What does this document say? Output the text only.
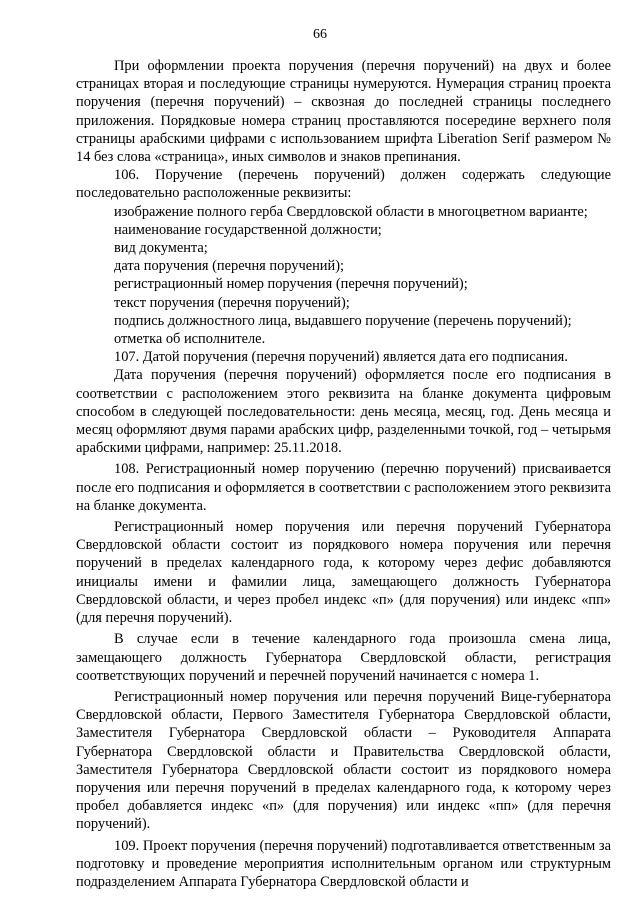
66

При оформлении проекта поручения (перечня поручений) на двух и более страницах вторая и последующие страницы нумеруются. Нумерация страниц проекта поручения (перечня поручений) – сквозная до последней страницы последнего приложения. Порядковые номера страниц проставляются посередине верхнего поля страницы арабскими цифрами с использованием шрифта Liberation Serif размером № 14 без слова «страница», иных символов и знаков препинания.

106. Поручение (перечень поручений) должен содержать следующие последовательно расположенные реквизиты:

изображение полного герба Свердловской области в многоцветном варианте;

наименование государственной должности;

вид документа;

дата поручения (перечня поручений);

регистрационный номер поручения (перечня поручений);

текст поручения (перечня поручений);

подпись должностного лица, выдавшего поручение (перечень поручений);

отметка об исполнителе.

107. Датой поручения (перечня поручений) является дата его подписания.

Дата поручения (перечня поручений) оформляется после его подписания в соответствии с расположением этого реквизита на бланке документа цифровым способом в следующей последовательности: день месяца, месяц, год. День месяца и месяц оформляют двумя парами арабских цифр, разделенными точкой, год – четырьмя арабскими цифрами, например: 25.11.2018.

108. Регистрационный номер поручению (перечню поручений) присваивается после его подписания и оформляется в соответствии с расположением этого реквизита на бланке документа.

Регистрационный номер поручения или перечня поручений Губернатора Свердловской области состоит из порядкового номера поручения или перечня поручений в пределах календарного года, к которому через дефис добавляются инициалы имени и фамилии лица, замещающего должность Губернатора Свердловской области, и через пробел индекс «п» (для поручения) или индекс «пп» (для перечня поручений).

В случае если в течение календарного года произошла смена лица, замещающего должность Губернатора Свердловской области, регистрация соответствующих поручений и перечней поручений начинается с номера 1.

Регистрационный номер поручения или перечня поручений Вице-губернатора Свердловской области, Первого Заместителя Губернатора Свердловской области, Заместителя Губернатора Свердловской области – Руководителя Аппарата Губернатора Свердловской области и Правительства Свердловской области, Заместителя Губернатора Свердловской области состоит из порядкового номера поручения или перечня поручений в пределах календарного года, к которому через пробел добавляется индекс «п» (для поручения) или индекс «пп» (для перечня поручений).

109. Проект поручения (перечня поручений) подготавливается ответственным за подготовку и проведение мероприятия исполнительным органом или структурным подразделением Аппарата Губернатора Свердловской области и
